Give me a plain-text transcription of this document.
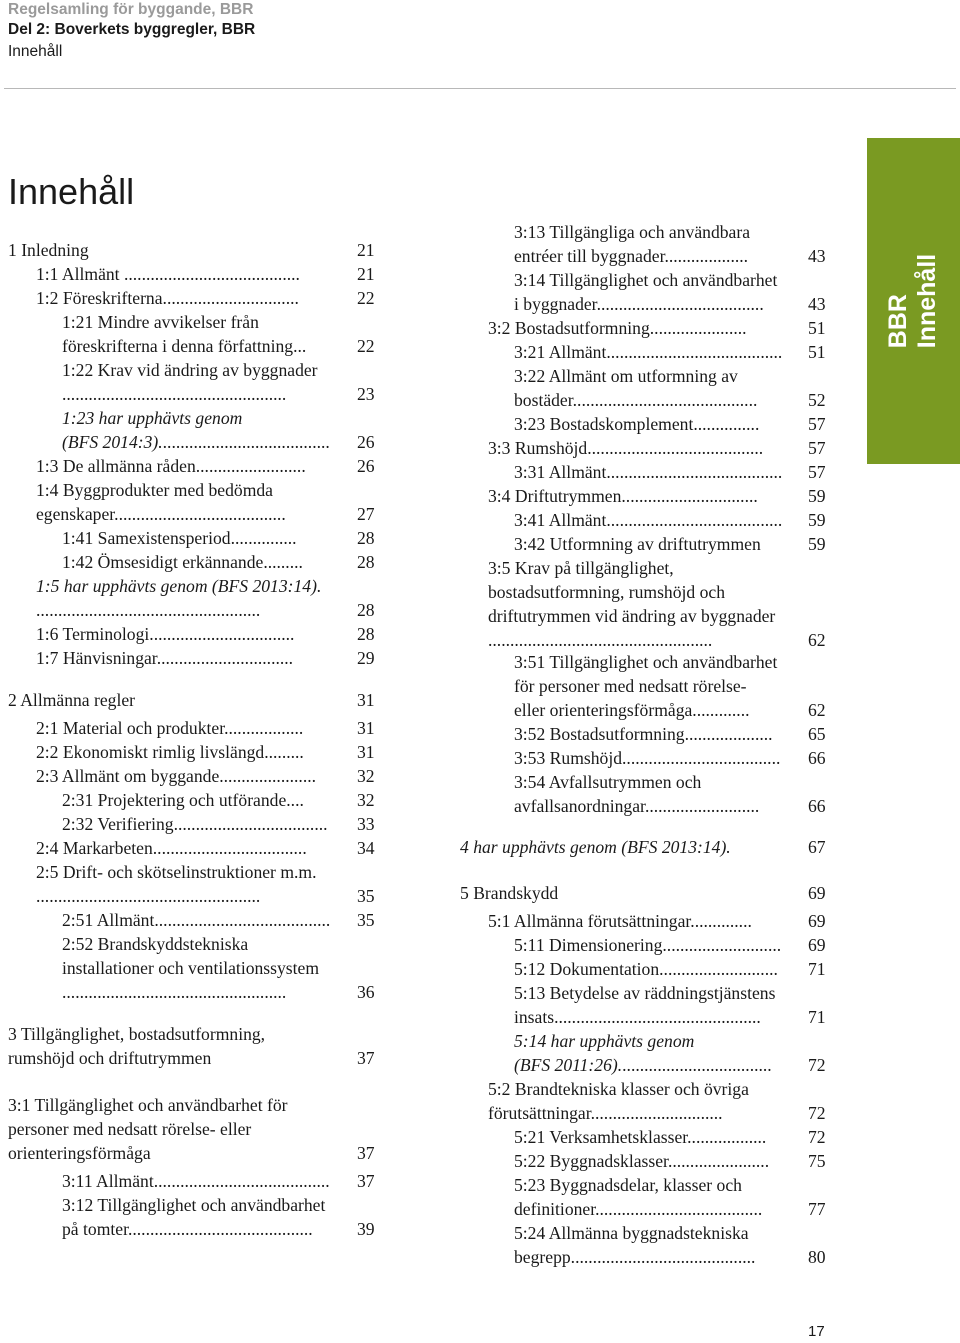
Regelsamling för byggande, BBR
Del 2: Boverkets byggregler, BBR
Innehåll
Innehåll
BBR Innehåll
1 Inledning	21
1:1 Allmänt ........................................	21
1:2 Föreskrifterna...............................	22
1:21 Mindre avvikelser från
föreskrifterna i denna författning...	22
1:22 Krav vid ändring av byggnader
...................................................	23
1:23 har upphävts genom
(BFS 2014:3)....................................... 26
1:3 De allmänna råden.........................	26
1:4 Byggprodukter med bedömda
egenskaper.......................................	27
1:41 Samexistensperiod...............	28
1:42 Ömsesidigt erkännande.........	28
1:5 har upphävts genom (BFS 2013:14).
...................................................	28
1:6 Terminologi.................................	28
1:7 Hänvisningar...............................	29
2 Allmänna regler	31
2:1 Material och produkter..................	31
2:2 Ekonomiskt rimlig livslängd.........	31
2:3 Allmänt om byggande...................... 32
2:31 Projektering och utförande....	32
2:32 Verifiering................................... 33
2:4 Markarbeten...................................	34
2:5 Drift- och skötselinstruktioner m.m.
...................................................	35
2:51 Allmänt........................................ 35
2:52 Brandskyddstekniska
installationer och ventilationssystem
...................................................	36
3 Tillgänglighet, bostadsutformning,
rumshöjd och driftutrymmen	37
3:1 Tillgänglighet och användbarhet för
personer med nedsatt rörelse- eller
orienteringsförmåga	37
3:11 Allmänt........................................ 37
3:12 Tillgänglighet och användbarhet
på tomter..........................................	39
3:13 Tillgängliga och användbara
entréer till byggnader...................	43
3:14 Tillgänglighet och användbarhet
i byggnader......................................	43
3:2 Bostadsutformning......................	51
3:21 Allmänt........................................ 51
3:22 Allmänt om utformning av
bostäder..........................................	52
3:23 Bostadskomplement...............	57
3:3 Rumshöjd........................................	57
3:31 Allmänt........................................ 57
3:4 Driftutrymmen...............................	59
3:41 Allmänt........................................ 59
3:42 Utformning av driftutrymmen	59
3:5 Krav på tillgänglighet,
bostadsutformning, rumshöjd och
driftutrymmen vid ändring av byggnader
...................................................	62
3:51 Tillgänglighet och användbarhet
för personer med nedsatt rörelse-
eller orienteringsförmåga.............	62
3:52 Bostadsutformning.................... 65
3:53 Rumshöjd.................................... 66
3:54 Avfallsutrymmen och
avfallsanordningar..........................	66
4 har upphävts genom (BFS 2013:14).	67
5 Brandskydd	69
5:1 Allmänna förutsättningar..............	69
5:11 Dimensionering........................... 69
5:12 Dokumentation........................... 71
5:13 Betydelse av räddningstjänstens
insats...............................................	71
5:14 har upphävts genom
(BFS 2011:26)................................... 72
5:2 Brandtekniska klasser och övriga
förutsättningar..............................	72
5:21 Verksamhetsklasser.................. 72
5:22 Byggnadsklasser....................... 75
5:23 Byggnadsdelar, klasser och
definitioner......................................	77
5:24 Allmänna byggnadstekniska
begrepp..........................................	80
17
